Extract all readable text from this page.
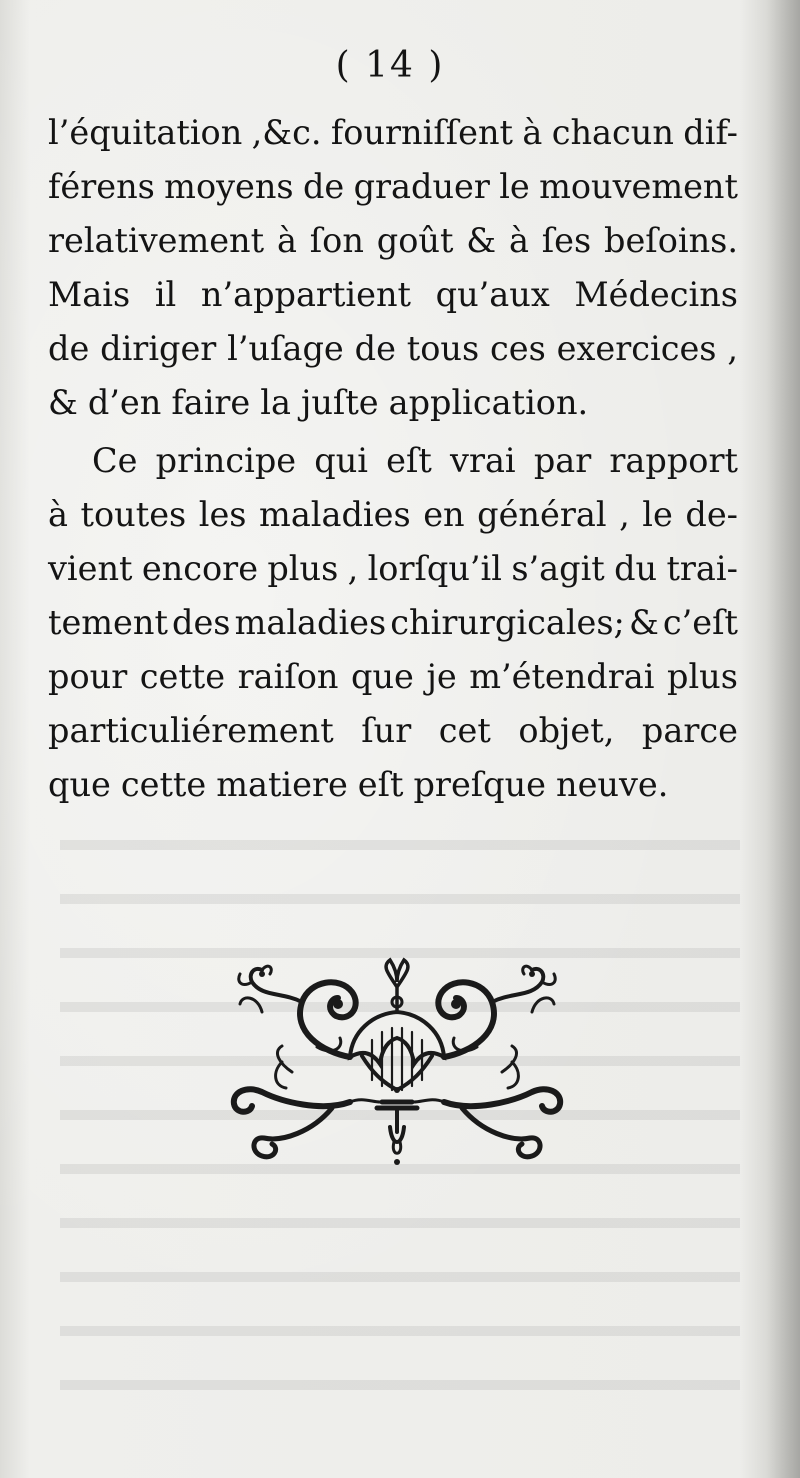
( 14 )
l’équitation ,&c. fourniſſent à chacun dif-
férens moyens de graduer le mouvement
relativement à ſon goût & à ſes beſoins.
Mais il n’appartient qu’aux Médecins
de diriger l’uſage de tous ces exercices ,
& d’en faire la juſte application.
Ce principe qui eſt vrai par rapport
à toutes les maladies en général , le de-
vient encore plus , lorſqu’il s’agit du trai-
tement des maladies chirurgicales; & c’eſt
pour cette raiſon que je m’étendrai plus
particuliérement ſur cet objet, parce
que cette matiere eſt preſque neuve.
